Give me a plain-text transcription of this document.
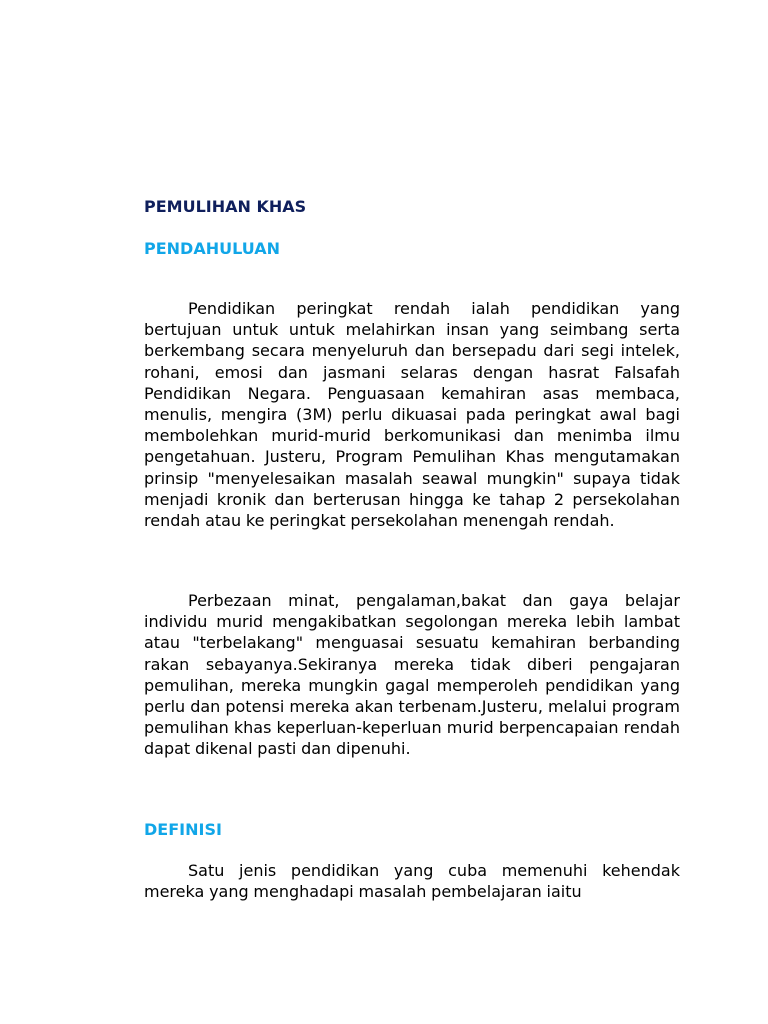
PEMULIHAN KHAS
PENDAHULUAN

Pendidikan peringkat rendah ialah pendidikan yang bertujuan untuk untuk melahirkan insan yang seimbang serta berkembang secara menyeluruh dan bersepadu dari segi intelek, rohani, emosi dan jasmani selaras dengan hasrat Falsafah Pendidikan Negara. Penguasaan kemahiran asas membaca, menulis, mengira (3M) perlu dikuasai pada peringkat awal bagi membolehkan murid-murid berkomunikasi dan menimba ilmu pengetahuan. Justeru, Program Pemulihan Khas mengutamakan prinsip "menyelesaikan masalah seawal mungkin" supaya tidak menjadi kronik dan berterusan hingga ke tahap 2 persekolahan rendah atau ke peringkat persekolahan menengah rendah.

Perbezaan minat, pengalaman,bakat dan gaya belajar individu murid mengakibatkan segolongan mereka lebih lambat atau "terbelakang" menguasai sesuatu kemahiran berbanding rakan sebayanya.Sekiranya mereka tidak diberi pengajaran pemulihan, mereka mungkin gagal memperoleh pendidikan yang perlu dan potensi mereka akan terbenam.Justeru, melalui program pemulihan khas keperluan-keperluan murid berpencapaian rendah dapat dikenal pasti dan dipenuhi.

DEFINISI

Satu jenis pendidikan yang cuba memenuhi kehendak mereka yang menghadapi masalah pembelajaran iaitu
